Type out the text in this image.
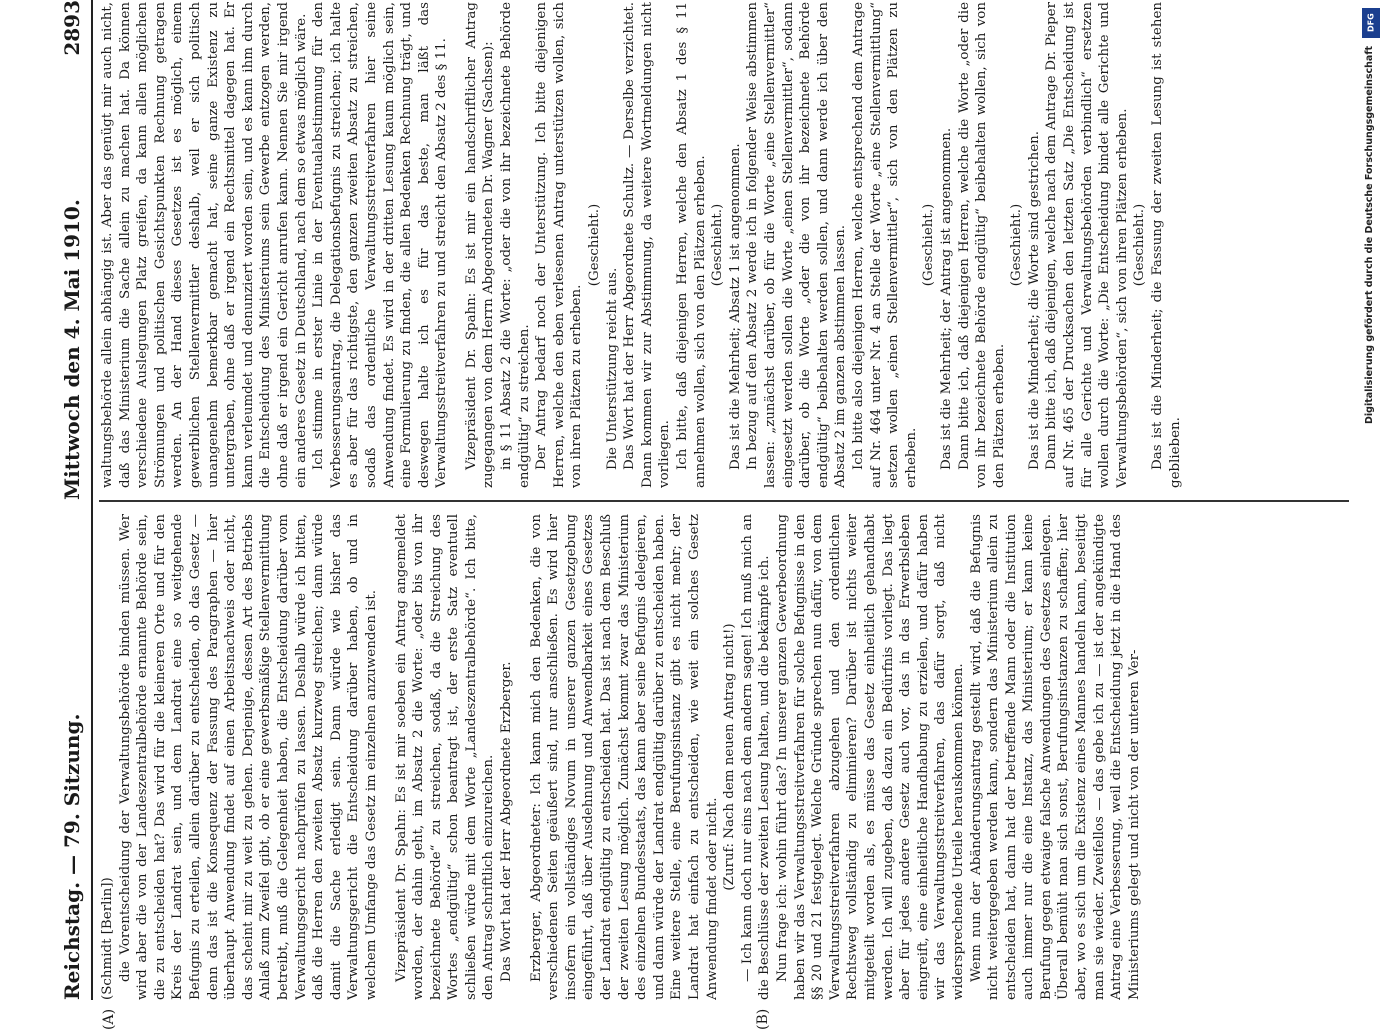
Reichstag. — 79. Sitzung.
Mittwoch den 4. Mai 1910.
2893

(Schmidt [Berlin]) die Vorentscheidung der Verwaltungsbehörde binden müssen. Wer wird aber die von der Landeszentralbehörde ernannte Behörde sein, die zu entscheiden hat? Das wird für die kleineren Orte und für den Kreis der Landrat sein, und dem Landrat eine so weitgehende Befugnis zu erteilen, allein darüber zu entscheiden, ob das Gesetz — denn das ist die Konsequenz der Fassung des Paragraphen — hier überhaupt Anwendung findet auf einen Arbeitsnachweis oder nicht, das scheint mir zu weit zu gehen. Derjenige, dessen Art des Betriebs Anlaß zum Zweifel gibt, ob er eine gewerbsmäßige Stellenvermittlung betreibt, muß die Gelegenheit haben, die Entscheidung darüber vom Verwaltungsgericht nachprüfen zu lassen. Deshalb würde ich bitten, daß die Herren den zweiten Absatz kurzweg streichen; dann würde damit die Sache erledigt sein. Dann würde wie bisher das Verwaltungsgericht die Entscheidung darüber haben, ob und in welchem Umfange das Gesetz im einzelnen anzuwenden ist. Vizepräsident Dr. Spahn: Es ist mir soeben ein Antrag angemeldet worden, der dahin geht, im Absatz 2 die Worte: „oder bis von ihr bezeichnete Behörde“ zu streichen, sodaß, da die Streichung des Wortes „endgültig“ schon beantragt ist, der erste Satz eventuell schließen würde mit dem Worte „Landeszentralbehörde“. Ich bitte, den Antrag schriftlich einzureichen. Das Wort hat der Herr Abgeordnete Erzberger. Erzberger, Abgeordneter: Ich kann mich den Bedenken, die von verschiedenen Seiten geäußert sind, nur anschließen. Es wird hier insofern ein vollständiges Novum in unserer ganzen Gesetzgebung eingeführt, daß über Ausdehnung und Anwendbarkeit eines Gesetzes der Landrat endgültig zu entscheiden hat. Das ist nach dem Beschluß der zweiten Lesung möglich. Zunächst kommt zwar das Ministerium des einzelnen Bundesstaats, das kann aber seine Befugnis delegieren, und dann würde der Landrat endgültig darüber zu entscheiden haben. Eine weitere Stelle, eine Berufungsinstanz gibt es nicht mehr; der Landrat hat einfach zu entscheiden, wie weit ein solches Gesetz Anwendung findet oder nicht.

(Zuruf: Nach dem neuen Antrag nicht!) — Ich kann doch nur eins nach dem andern sagen! Ich muß mich an die Beschlüsse der zweiten Lesung halten, und die bekämpfe ich. Nun frage ich: wohin führt das? In unserer ganzen Gewerbeordnung haben wir das Verwaltungsstreitverfahren für solche Befugnisse in den §§ 20 und 21 festgelegt. Welche Gründe sprechen nun dafür, von dem Verwaltungsstreitverfahren abzugehen und den ordentlichen Rechtsweg vollständig zu eliminieren? Darüber ist nichts weiter mitgeteilt worden als, es müsse das Gesetz einheitlich gehandhabt werden. Ich will zugeben, daß dazu ein Bedürfnis vorliegt. Das liegt aber für jedes andere Gesetz auch vor, das in das Erwerbsleben eingreift, eine einheitliche Handhabung zu erzielen, und dafür haben wir das Verwaltungsstreitverfahren, das dafür sorgt, daß nicht widersprechende Urteile herauskommen können. Wenn nun der Abänderungsantrag gestellt wird, daß die Befugnis nicht weitergegeben werden kann, sondern das Ministerium allein zu entscheiden hat, dann hat der betreffende Mann oder die Institution auch immer nur die eine Instanz, das Ministerium; er kann keine Berufung gegen etwaige falsche Anwendungen des Gesetzes einlegen. Überall bemüht man sich sonst, Berufungsinstanzen zu schaffen; hier aber, wo es sich um die Existenz eines Mannes handeln kann, beseitigt man sie wieder. Zweifellos — das gebe ich zu — ist der angekündigte Antrag eine Verbesserung, weil die Entscheidung jetzt in die Hand des Ministeriums gelegt und nicht von der unteren Ver-

waltungsbehörde allein abhängig ist. Aber das genügt mir auch nicht, daß das Ministerium die Sache allein zu machen hat. Da können verschiedene Auslegungen Platz greifen, da kann allen möglichen Strömungen und politischen Gesichtspunkten Rechnung getragen werden. An der Hand dieses Gesetzes ist es möglich, einem gewerblichen Stellenvermittler deshalb, weil er sich politisch unangenehm bemerkbar gemacht hat, seine ganze Existenz zu untergraben, ohne daß er irgend ein Rechtsmittel dagegen hat. Er kann verleumdet und denunziert worden sein, und es kann ihm durch die Entscheidung des Ministeriums sein Gewerbe entzogen werden, ohne daß er irgend ein Gericht anrufen kann. Nennen Sie mir irgend ein anderes Gesetz in Deutschland, nach dem so etwas möglich wäre. Ich stimme in erster Linie in der Eventualabstimmung für den Verbesserungsantrag, die Delegationsbefugnis zu streichen; ich halte es aber für das richtigste, den ganzen zweiten Absatz zu streichen, sodaß das ordentliche Verwaltungsstreitverfahren hier seine Anwendung findet. Es wird in der dritten Lesung kaum möglich sein, eine Formulierung zu finden, die allen Bedenken Rechnung trägt, und deswegen halte ich es für das beste, man läßt das Verwaltungsstreitverfahren zu und streicht den Absatz 2 des § 11. Vizepräsident Dr. Spahn: Es ist mir ein handschriftlicher Antrag zugegangen von dem Herrn Abgeordneten Dr. Wagner (Sachsen): in § 11 Absatz 2 die Worte: „oder die von ihr bezeichnete Behörde endgültig“ zu streichen. Der Antrag bedarf noch der Unterstützung. Ich bitte diejenigen Herren, welche den eben verlesenen Antrag unterstützen wollen, sich von ihren Plätzen zu erheben.

(Geschieht.)

Die Unterstützung reicht aus. Das Wort hat der Herr Abgeordnete Schultz. — Derselbe verzichtet. Dann kommen wir zur Abstimmung, da weitere Wortmeldungen nicht vorliegen. Ich bitte, daß diejenigen Herren, welche den Absatz 1 des § 11 annehmen wollen, sich von den Plätzen erheben. (Geschieht.) Das ist die Mehrheit; Absatz 1 ist angenommen. In bezug auf den Absatz 2 werde ich in folgender Weise abstimmen lassen: „zunächst darüber, ob für die Worte „eine Stellenvermittler“ eingesetzt werden sollen die Worte „einen Stellenvermittler“, sodann darüber, ob die Worte „oder die von ihr bezeichnete Behörde endgültig“ beibehalten werden sollen, und dann werde ich über den Absatz 2 im ganzen abstimmen lassen. Ich bitte also diejenigen Herren, welche entsprechend dem Antrage auf Nr. 464 unter Nr. 4 an Stelle der Worte „eine Stellenvermittlung“ setzen wollen „einen Stellenvermittler“, sich von den Plätzen zu erheben.

(Geschieht.) Das ist die Mehrheit; der Antrag ist angenommen. Dann bitte ich, daß diejenigen Herren, welche die Worte „oder die von ihr bezeichnete Behörde endgültig“ beibehalten wollen, sich von den Plätzen erheben.

(Geschieht.) Das ist die Minderheit; die Worte sind gestrichen. Dann bitte ich, daß diejenigen, welche nach dem Antrage Dr. Pieper auf Nr. 465 der Drucksachen den letzten Satz „Die Entscheidung ist für alle Gerichte und Verwaltungsbehörden verbindlich“ ersetzen wollen durch die Worte: „Die Entscheidung bindet alle Gerichte und Verwaltungsbehörden“, sich von ihren Plätzen erheben. (Geschieht.) Das ist die Minderheit; die Fassung der zweiten Lesung ist stehen geblieben.

(A)	(B)
DFG
Digitalisierung gefördert durch die Deutsche Forschungsgemeinschaft
